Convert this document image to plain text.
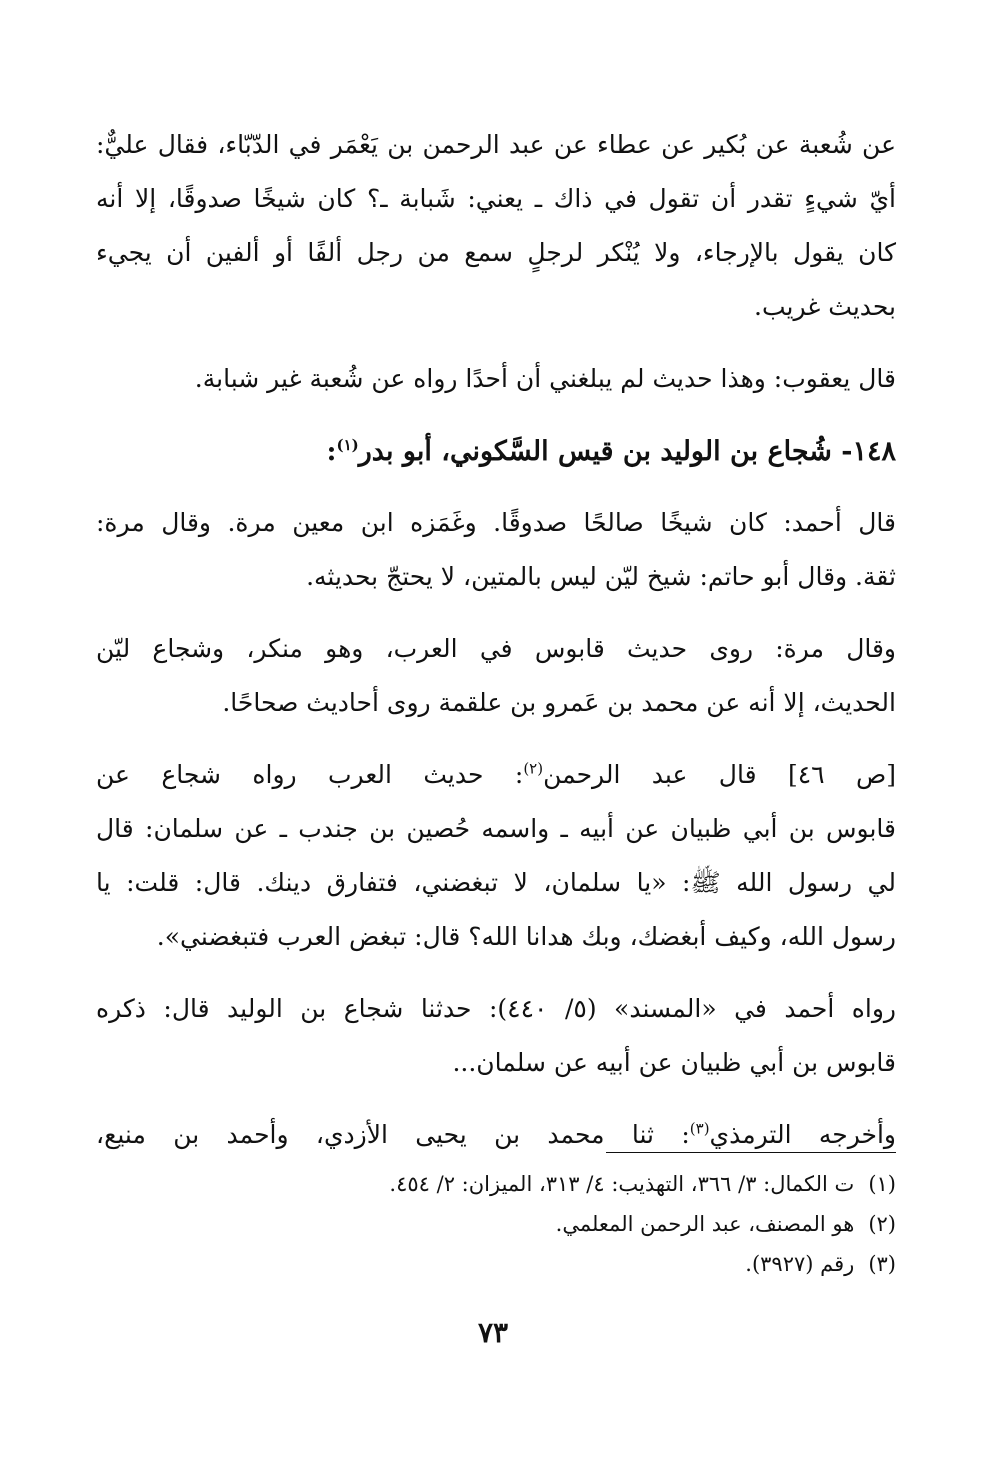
عن شُعبة عن بُكير عن عطاء عن عبد الرحمن بن يَعْمَر في الدّبّاء، فقال عليٌّ:
أيّ شيءٍ تقدر أن تقول في ذاك ـ يعني: شَبابة ـ؟ كان شيخًا صدوقًا، إلا أنه
كان يقول بالإرجاء، ولا يُنْكر لرجلٍ سمع من رجل ألفًا أو ألفين أن يجيء
بحديث غريب.
قال يعقوب: وهذا حديث لم يبلغني أن أحدًا رواه عن شُعبة غير شبابة.
١٤٨- شُجاع بن الوليد بن قيس السَّكوني، أبو بدر$^{(١)}$:
قال أحمد: كان شيخًا صالحًا صدوقًا. وغَمَزه ابن معين مرة. وقال مرة:
ثقة. وقال أبو حاتم: شيخ ليّن ليس بالمتين، لا يحتجّ بحديثه.
وقال مرة: روى حديث قابوس في العرب، وهو منكر، وشجاع ليّن
الحديث، إلا أنه عن محمد بن عَمرو بن علقمة روى أحاديث صحاحًا.
[ص ٤٦] قال عبد الرحمن$^{(٢)}$: حديث العرب رواه شجاع عن
قابوس بن أبي ظبيان عن أبيه ـ واسمه حُصين بن جندب ـ عن سلمان: قال
لي رسول الله ﷺ: «يا سلمان، لا تبغضني، فتفارق دينك. قال: قلت: يا
رسول الله، وكيف أبغضك، وبك هدانا الله؟ قال: تبغض العرب فتبغضني».
رواه أحمد في «المسند» (٥/ ٤٤٠): حدثنا شجاع بن الوليد قال: ذكره
قابوس بن أبي ظبيان عن أبيه عن سلمان...
وأخرجه الترمذي$^{(٣)}$: ثنا محمد بن يحيى الأزدي، وأحمد بن منيع،
(١)ت الكمال: ٣/ ٣٦٦، التهذيب: ٤/ ٣١٣، الميزان: ٢/ ٤٥٤.
(٢)هو المصنف، عبد الرحمن المعلمي.
(٣)رقم (٣٩٢٧).
٧٣
